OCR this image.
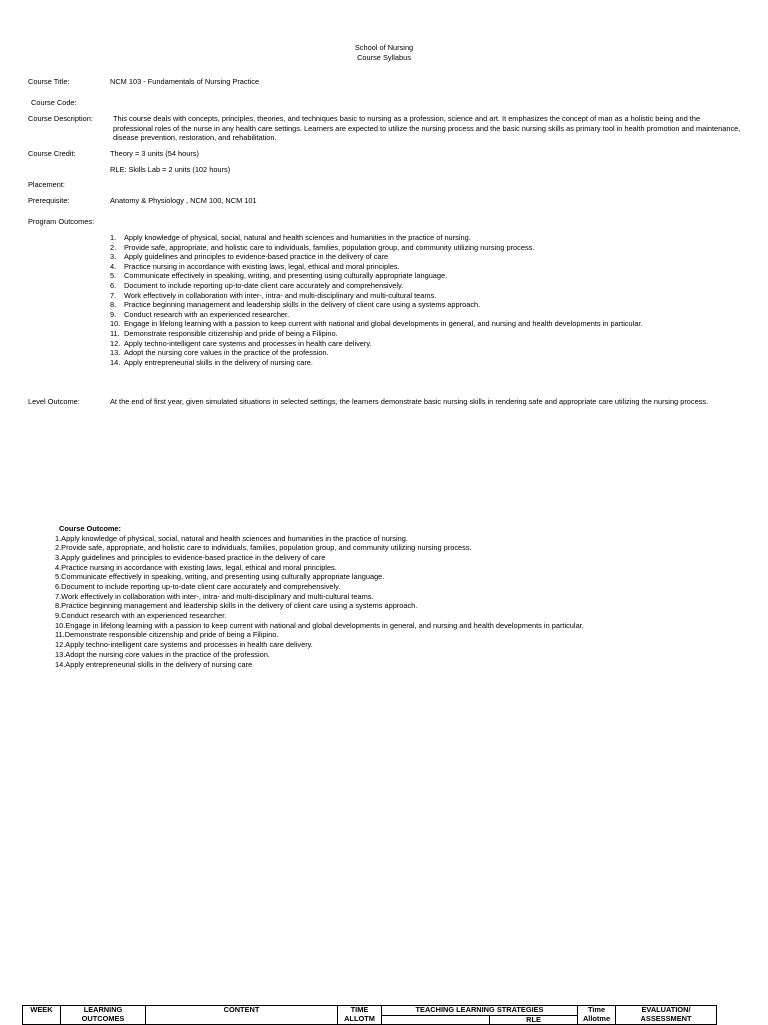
School of Nursing
Course Syllabus
Course Title:	NCM 103 - Fundamentals of Nursing Practice
Course Code:
Course Description:	This course deals with concepts, principles, theories, and techniques basic to nursing as a profession, science and art. It emphasizes the concept of man as a holistic being and the professional roles of the nurse in any health care settings. Learners are expected to utilize the nursing process and the basic nursing skills as primary tool in health promotion and maintenance, disease prevention, restoration, and rehabilitation.
Course Credit:	Theory = 3 units (54 hours)
RLE: Skills Lab = 2 units (102 hours)
Placement:
Prerequisite:	Anatomy & Physiology , NCM 100, NCM 101
Program Outcomes:
1. Apply knowledge of physical, social, natural and health sciences and humanities in the practice of nursing.
2. Provide safe, appropriate, and holistic care to individuals, families, population group, and community utilizing nursing process.
3. Apply guidelines and principles to evidence-based practice in the delivery of care
4. Practice nursing in accordance with existing laws, legal, ethical and moral principles.
5. Communicate effectively in speaking, writing, and presenting using culturally appropriate language.
6. Document to include reporting up-to-date client care accurately and comprehensively.
7. Work effectively in collaboration with inter-, intra- and multi-disciplinary and multi-cultural teams.
8. Practice beginning management and leadership skills in the delivery of client care using a systems approach.
9. Conduct research with an experienced researcher.
10. Engage in lifelong learning with a passion to keep current with national and global developments in general, and nursing and health developments in particular.
11. Demonstrate responsible citizenship and pride of being a Filipino.
12. Apply techno-intelligent care systems and processes in health care delivery.
13. Adopt the nursing core values in the practice of the profession.
14. Apply entrepreneurial skills in the delivery of nursing care.
Level Outcome:	At the end of first year, given simulated situations in selected settings, the learners demonstrate basic nursing skills in rendering safe and appropriate care utilizing the nursing process.
Course Outcome:
1.Apply knowledge of physical, social, natural and health sciences and humanities in the practice of nursing.
2.Provide safe, appropriate, and holistic care to individuals, families, population group, and community utilizing nursing process.
3.Apply guidelines and principles to evidence-based practice in the delivery of care
4.Practice nursing in accordance with existing laws, legal, ethical and moral principles.
5.Communicate effectively in speaking, writing, and presenting using culturally appropriate language.
6.Document to include reporting up-to-date client care accurately and comprehensively.
7.Work effectively in collaboration with inter-, intra- and multi-disciplinary and multi-cultural teams.
8.Practice beginning management and leadership skills in the delivery of client care using a systems approach.
9.Conduct research with an experienced researcher.
10.Engage in lifelong learning with a passion to keep current with national and global developments in general, and nursing and health developments in particular.
11.Demonstrate responsible citizenship and pride of being a Filipino.
12.Apply techno-intelligent care systems and processes in health care delivery.
13.Adopt the nursing core values in the practice of the profession.
14.Apply entrepreneurial skills in the delivery of nursing care
WEEK	LEARNING OUTCOMES	CONTENT	TIME ALLOTM	TEACHING LEARNING STRATEGIES		Time Allotme	EVALUATION/ ASSESSMENT
					RLE		
